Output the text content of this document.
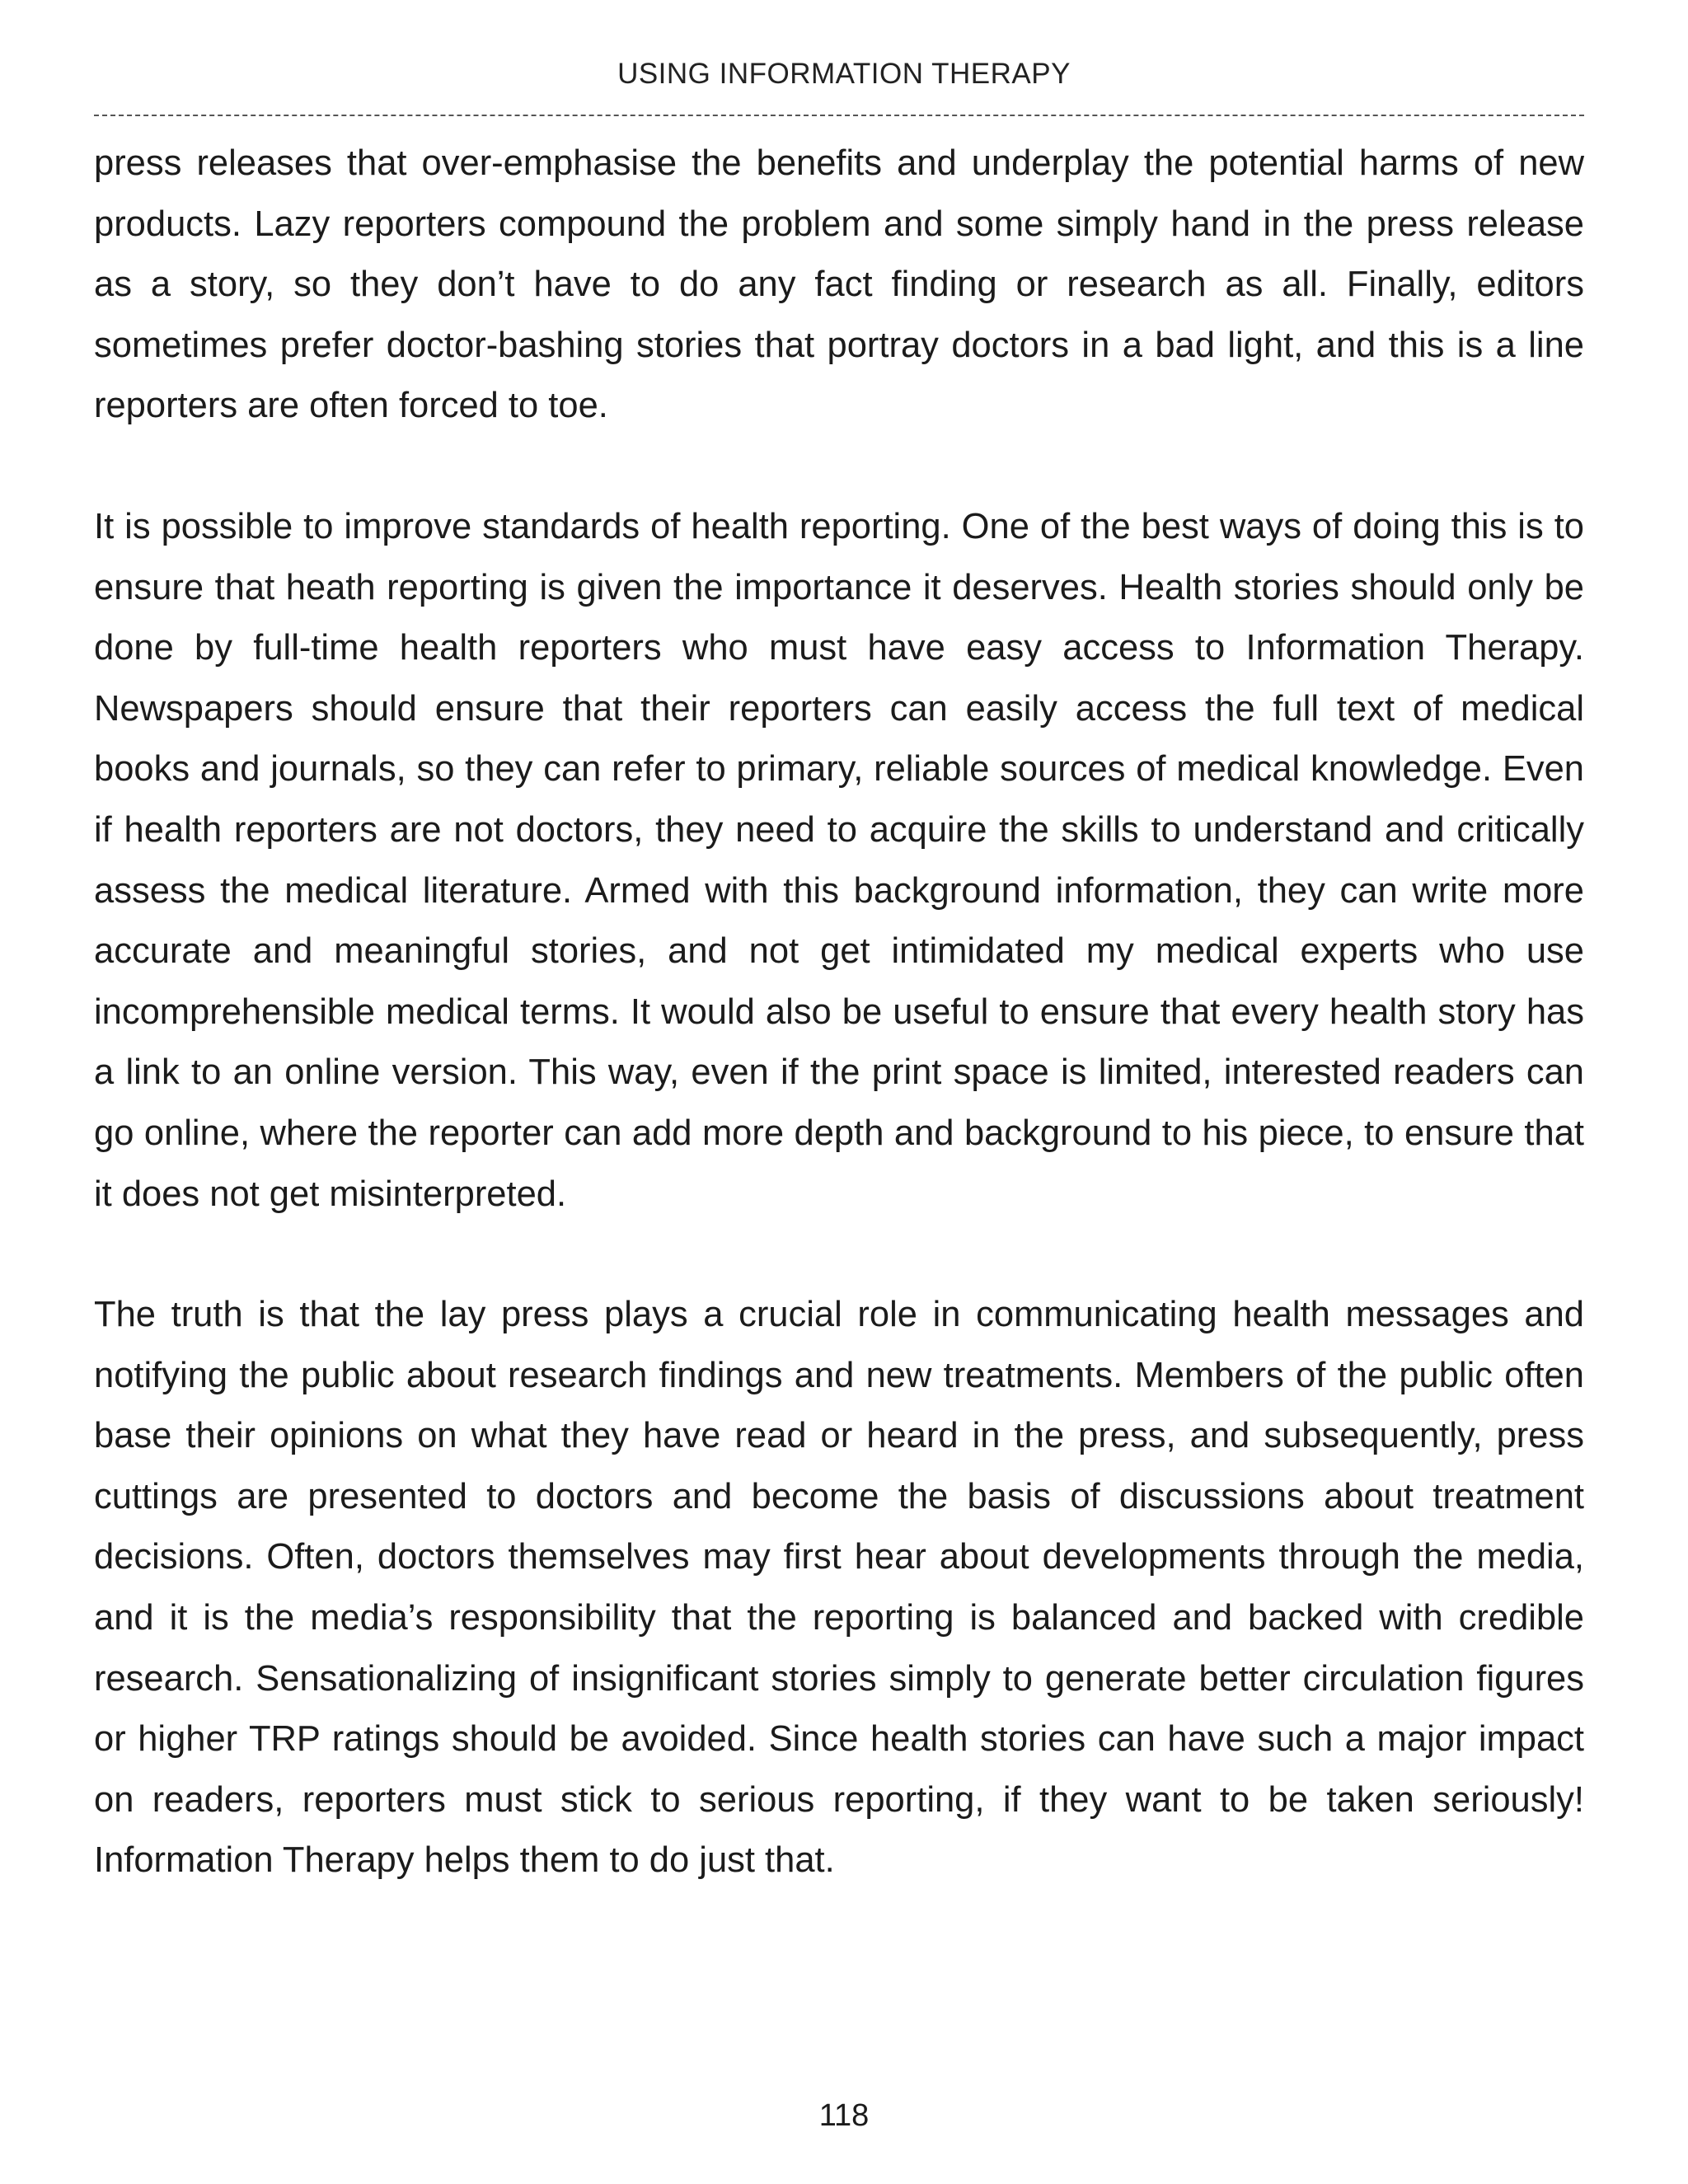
USING INFORMATION THERAPY

press releases that over-emphasise the benefits and underplay the potential harms of new products. Lazy reporters compound the problem and some simply hand in the press release as a story, so they don’t have to do any fact finding or research as all. Finally, editors sometimes prefer doctor-bashing stories that portray doctors in a bad light, and this is a line reporters are often forced to toe.

It is possible to improve standards of health reporting. One of the best ways of doing this is to ensure that heath reporting is given the importance it deserves. Health stories should only be done by full-time health reporters who must have easy access to Information Therapy. Newspapers should ensure that their reporters can easily access the full text of medical books and journals, so they can refer to primary, reliable sources of medical knowledge. Even if health reporters are not doctors, they need to acquire the skills to understand and critically assess the medical literature. Armed with this background information, they can write more accurate and meaningful stories, and not get intimidated my medical experts who use incomprehensible medical terms. It would also be useful to ensure that every health story has a link to an online version. This way, even if the print space is limited, interested readers can go online, where the reporter can add more depth and background to his piece, to ensure that it does not get misinterpreted.

The truth is that the lay press plays a crucial role in communicating health messages and notifying the public about research findings and new treatments. Members of the public often base their opinions on what they have read or heard in the press, and subsequently, press cuttings are presented to doctors and become the basis of discussions about treatment decisions. Often, doctors themselves may first hear about developments through the media, and it is the media’s responsibility that the reporting is balanced and backed with credible research. Sensationalizing of insignificant stories simply to generate better circulation figures or higher TRP ratings should be avoided. Since health stories can have such a major impact on readers, reporters must stick to serious reporting, if they want to be taken seriously! Information Therapy helps them to do just that.

118
